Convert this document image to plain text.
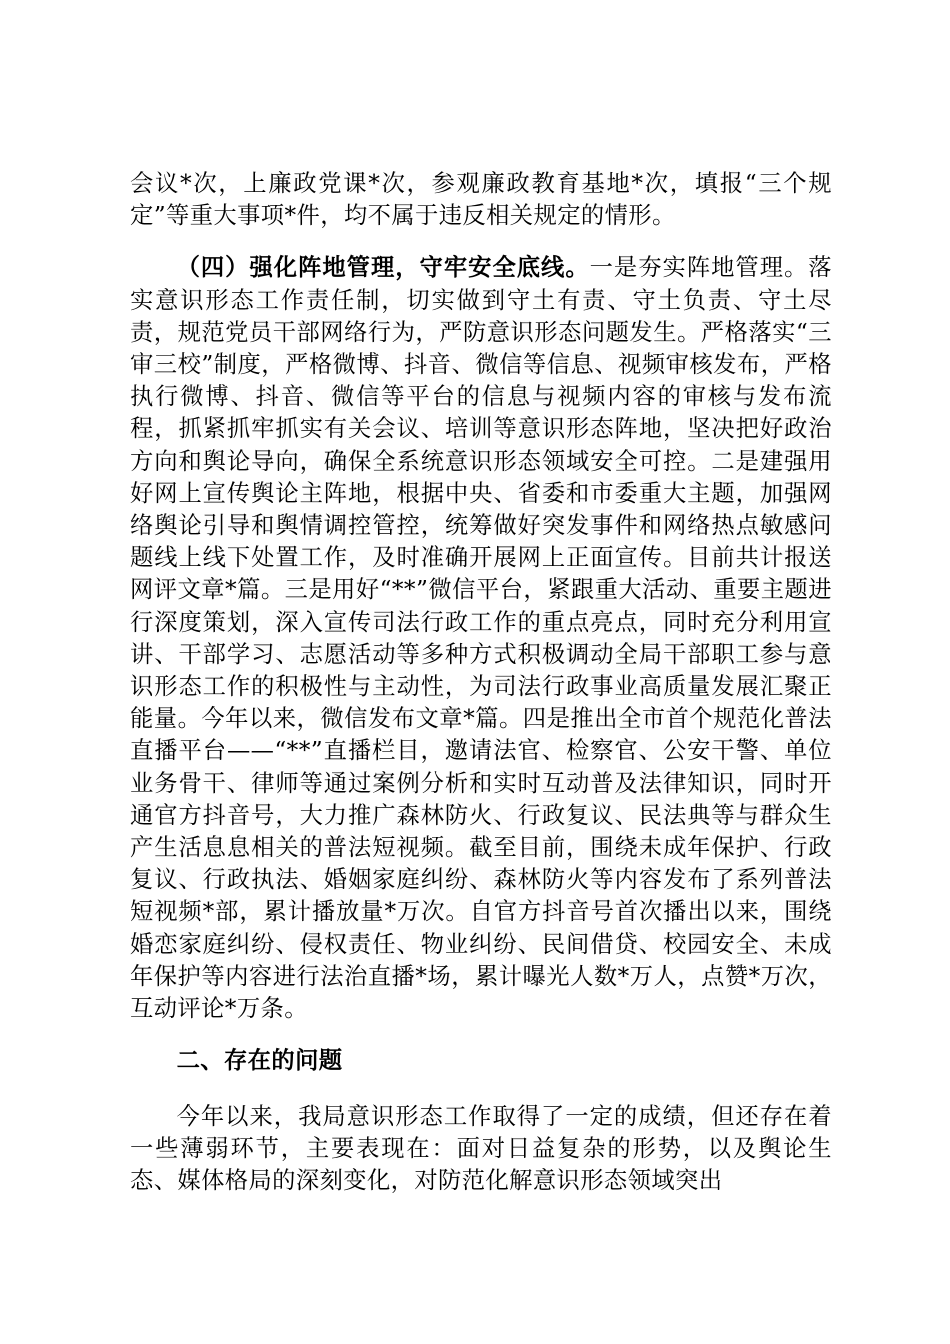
会议*次，上廉政党课*次，参观廉政教育基地*次，填报“三个规定”等重大事项*件，均不属于违反相关规定的情形。

（四）强化阵地管理，守牢安全底线。一是夯实阵地管理。落实意识形态工作责任制，切实做到守土有责、守土负责、守土尽责，规范党员干部网络行为，严防意识形态问题发生。严格落实“三审三校”制度，严格微博、抖音、微信等信息、视频审核发布，严格执行微博、抖音、微信等平台的信息与视频内容的审核与发布流程，抓紧抓牢抓实有关会议、培训等意识形态阵地，坚决把好政治方向和舆论导向，确保全系统意识形态领域安全可控。二是建强用好网上宣传舆论主阵地，根据中央、省委和市委重大主题，加强网络舆论引导和舆情调控管控，统筹做好突发事件和网络热点敏感问题线上线下处置工作，及时准确开展网上正面宣传。目前共计报送网评文章*篇。三是用好“**”微信平台，紧跟重大活动、重要主题进行深度策划，深入宣传司法行政工作的重点亮点，同时充分利用宣讲、干部学习、志愿活动等多种方式积极调动全局干部职工参与意识形态工作的积极性与主动性，为司法行政事业高质量发展汇聚正能量。今年以来，微信发布文章*篇。四是推出全市首个规范化普法直播平台——“**”直播栏目，邀请法官、检察官、公安干警、单位业务骨干、律师等通过案例分析和实时互动普及法律知识，同时开通官方抖音号，大力推广森林防火、行政复议、民法典等与群众生产生活息息相关的普法短视频。截至目前，围绕未成年保护、行政复议、行政执法、婚姻家庭纠纷、森林防火等内容发布了系列普法短视频*部，累计播放量*万次。自官方抖音号首次播出以来，围绕婚恋家庭纠纷、侵权责任、物业纠纷、民间借贷、校园安全、未成年保护等内容进行法治直播*场，累计曝光人数*万人，点赞*万次，互动评论*万条。

二、存在的问题

今年以来，我局意识形态工作取得了一定的成绩，但还存在着一些薄弱环节，主要表现在：面对日益复杂的形势，以及舆论生态、媒体格局的深刻变化，对防范化解意识形态领域突出
